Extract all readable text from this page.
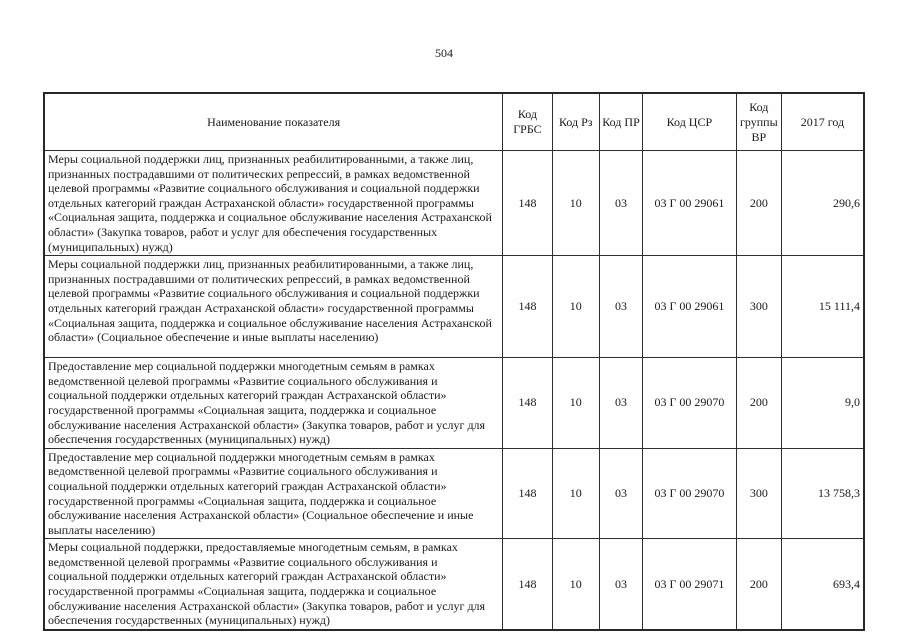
504
Наименование показателя	Код ГРБС	Код Рз	Код ПР	Код ЦСР	Код группы ВР	2017 год
Меры социальной поддержки лиц, признанных реабилитированными, а также лиц, признанных пострадавшими от политических репрессий, в рамках ведомственной целевой программы «Развитие социального обслуживания и социальной поддержки отдельных категорий граждан Астраханской области» государственной программы «Социальная защита, поддержка и социальное обслуживание населения Астраханской области» (Закупка товаров, работ и услуг для обеспечения государственных (муниципальных) нужд)	148	10	03	03 Г 00 29061	200	290,6
Меры социальной поддержки лиц, признанных реабилитированными, а также лиц, признанных пострадавшими от политических репрессий, в рамках ведомственной целевой программы «Развитие социального обслуживания и социальной поддержки отдельных категорий граждан Астраханской области» государственной программы «Социальная защита, поддержка и социальное обслуживание населения Астраханской области» (Социальное обеспечение и иные выплаты населению)	148	10	03	03 Г 00 29061	300	15 111,4
Предоставление мер социальной поддержки многодетным семьям в рамках ведомственной целевой программы «Развитие социального обслуживания и социальной поддержки отдельных категорий граждан Астраханской области» государственной программы «Социальная защита, поддержка и социальное обслуживание населения Астраханской области» (Закупка товаров, работ и услуг для обеспечения государственных (муниципальных) нужд)	148	10	03	03 Г 00 29070	200	9,0
Предоставление мер социальной поддержки многодетным семьям в рамках ведомственной целевой программы «Развитие социального обслуживания и социальной поддержки отдельных категорий граждан Астраханской области» государственной программы «Социальная защита, поддержка и социальное обслуживание населения Астраханской области» (Социальное обеспечение и иные выплаты населению)	148	10	03	03 Г 00 29070	300	13 758,3
Меры социальной поддержки, предоставляемые многодетным семьям, в рамках ведомственной целевой программы «Развитие социального обслуживания и социальной поддержки отдельных категорий граждан Астраханской области» государственной программы «Социальная защита, поддержка и социальное обслуживание населения Астраханской области» (Закупка товаров, работ и услуг для обеспечения государственных (муниципальных) нужд)	148	10	03	03 Г 00 29071	200	693,4
